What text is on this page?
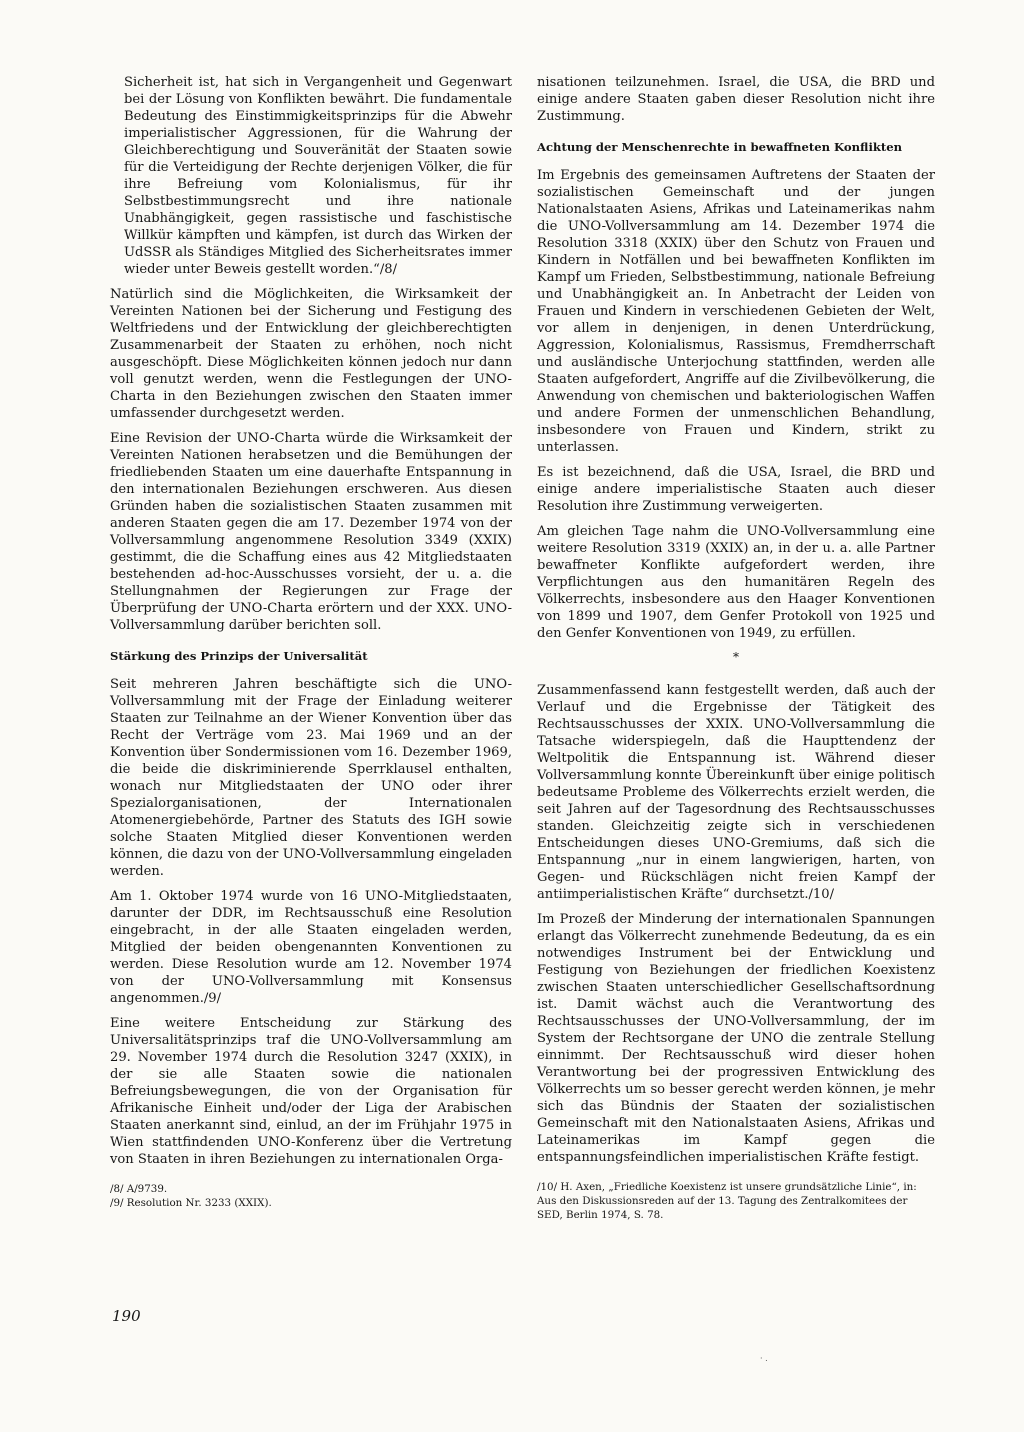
Sicherheit ist, hat sich in Vergangenheit und Gegenwart bei der Lösung von Konflikten bewährt. Die fundamentale Bedeutung des Einstimmigkeitsprinzips für die Abwehr imperialistischer Aggressionen, für die Wahrung der Gleichberechtigung und Souveränität der Staaten sowie für die Verteidigung der Rechte derjenigen Völker, die für ihre Befreiung vom Kolonialismus, für ihr Selbstbestimmungsrecht und ihre nationale Unabhängigkeit, gegen rassistische und faschistische Willkür kämpften und kämpfen, ist durch das Wirken der UdSSR als Ständiges Mitglied des Sicherheitsrates immer wieder unter Beweis gestellt worden.“/8/

Natürlich sind die Möglichkeiten, die Wirksamkeit der Vereinten Nationen bei der Sicherung und Festigung des Weltfriedens und der Entwicklung der gleichberechtigten Zusammenarbeit der Staaten zu erhöhen, noch nicht ausgeschöpft. Diese Möglichkeiten können jedoch nur dann voll genutzt werden, wenn die Festlegungen der UNO-Charta in den Beziehungen zwischen den Staaten immer umfassender durchgesetzt werden.

Eine Revision der UNO-Charta würde die Wirksamkeit der Vereinten Nationen herabsetzen und die Bemühungen der friedliebenden Staaten um eine dauerhafte Entspannung in den internationalen Beziehungen erschweren. Aus diesen Gründen haben die sozialistischen Staaten zusammen mit anderen Staaten gegen die am 17. Dezember 1974 von der Vollversammlung angenommene Resolution 3349 (XXIX) gestimmt, die die Schaffung eines aus 42 Mitgliedstaaten bestehenden ad-hoc-Ausschusses vorsieht, der u. a. die Stellungnahmen der Regierungen zur Frage der Überprüfung der UNO-Charta erörtern und der XXX. UNO-Vollversammlung darüber berichten soll.

Stärkung des Prinzips der Universalität

Seit mehreren Jahren beschäftigte sich die UNO-Vollversammlung mit der Frage der Einladung weiterer Staaten zur Teilnahme an der Wiener Konvention über das Recht der Verträge vom 23. Mai 1969 und an der Konvention über Sondermissionen vom 16. Dezember 1969, die beide die diskriminierende Sperrklausel enthalten, wonach nur Mitgliedstaaten der UNO oder ihrer Spezialorganisationen, der Internationalen Atomenergiebehörde, Partner des Statuts des IGH sowie solche Staaten Mitglied dieser Konventionen werden können, die dazu von der UNO-Vollversammlung eingeladen werden.

Am 1. Oktober 1974 wurde von 16 UNO-Mitgliedstaaten, darunter der DDR, im Rechtsausschuß eine Resolution eingebracht, in der alle Staaten eingeladen werden, Mitglied der beiden obengenannten Konventionen zu werden. Diese Resolution wurde am 12. November 1974 von der UNO-Vollversammlung mit Konsensus angenommen./9/

Eine weitere Entscheidung zur Stärkung des Universalitätsprinzips traf die UNO-Vollversammlung am 29. November 1974 durch die Resolution 3247 (XXIX), in der sie alle Staaten sowie die nationalen Befreiungsbewegungen, die von der Organisation für Afrikanische Einheit und/oder der Liga der Arabischen Staaten anerkannt sind, einlud, an der im Frühjahr 1975 in Wien stattfindenden UNO-Konferenz über die Vertretung von Staaten in ihren Beziehungen zu internationalen Orga-

/8/ A/9739.

/9/ Resolution Nr. 3233 (XXIX).

nisationen teilzunehmen. Israel, die USA, die BRD und einige andere Staaten gaben dieser Resolution nicht ihre Zustimmung.

Achtung der Menschenrechte in bewaffneten Konflikten

Im Ergebnis des gemeinsamen Auftretens der Staaten der sozialistischen Gemeinschaft und der jungen Nationalstaaten Asiens, Afrikas und Lateinamerikas nahm die UNO-Vollversammlung am 14. Dezember 1974 die Resolution 3318 (XXIX) über den Schutz von Frauen und Kindern in Notfällen und bei bewaffneten Konflikten im Kampf um Frieden, Selbstbestimmung, nationale Befreiung und Unabhängigkeit an. In Anbetracht der Leiden von Frauen und Kindern in verschiedenen Gebieten der Welt, vor allem in denjenigen, in denen Unterdrückung, Aggression, Kolonialismus, Rassismus, Fremdherrschaft und ausländische Unterjochung stattfinden, werden alle Staaten aufgefordert, Angriffe auf die Zivilbevölkerung, die Anwendung von chemischen und bakteriologischen Waffen und andere Formen der unmenschlichen Behandlung, insbesondere von Frauen und Kindern, strikt zu unterlassen.

Es ist bezeichnend, daß die USA, Israel, die BRD und einige andere imperialistische Staaten auch dieser Resolution ihre Zustimmung verweigerten.

Am gleichen Tage nahm die UNO-Vollversammlung eine weitere Resolution 3319 (XXIX) an, in der u. a. alle Partner bewaffneter Konflikte aufgefordert werden, ihre Verpflichtungen aus den humanitären Regeln des Völkerrechts, insbesondere aus den Haager Konventionen von 1899 und 1907, dem Genfer Protokoll von 1925 und den Genfer Konventionen von 1949, zu erfüllen.

*

Zusammenfassend kann festgestellt werden, daß auch der Verlauf und die Ergebnisse der Tätigkeit des Rechtsausschusses der XXIX. UNO-Vollversammlung die Tatsache widerspiegeln, daß die Haupttendenz der Weltpolitik die Entspannung ist. Während dieser Vollversammlung konnte Übereinkunft über einige politisch bedeutsame Probleme des Völkerrechts erzielt werden, die seit Jahren auf der Tagesordnung des Rechtsausschusses standen. Gleichzeitig zeigte sich in verschiedenen Entscheidungen dieses UNO-Gremiums, daß sich die Entspannung „nur in einem langwierigen, harten, von Gegen- und Rückschlägen nicht freien Kampf der antiimperialistischen Kräfte“ durchsetzt./10/

Im Prozeß der Minderung der internationalen Spannungen erlangt das Völkerrecht zunehmende Bedeutung, da es ein notwendiges Instrument bei der Entwicklung und Festigung von Beziehungen der friedlichen Koexistenz zwischen Staaten unterschiedlicher Gesellschaftsordnung ist. Damit wächst auch die Verantwortung des Rechtsausschusses der UNO-Vollversammlung, der im System der Rechtsorgane der UNO die zentrale Stellung einnimmt. Der Rechtsausschuß wird dieser hohen Verantwortung bei der progressiven Entwicklung des Völkerrechts um so besser gerecht werden können, je mehr sich das Bündnis der Staaten der sozialistischen Gemeinschaft mit den Nationalstaaten Asiens, Afrikas und Lateinamerikas im Kampf gegen die entspannungsfeindlichen imperialistischen Kräfte festigt.

/10/ H. Axen, „Friedliche Koexistenz ist unsere grundsätzliche Linie“, in: Aus den Diskussionsreden auf der 13. Tagung des Zentralkomitees der SED, Berlin 1974, S. 78.

190
· .
